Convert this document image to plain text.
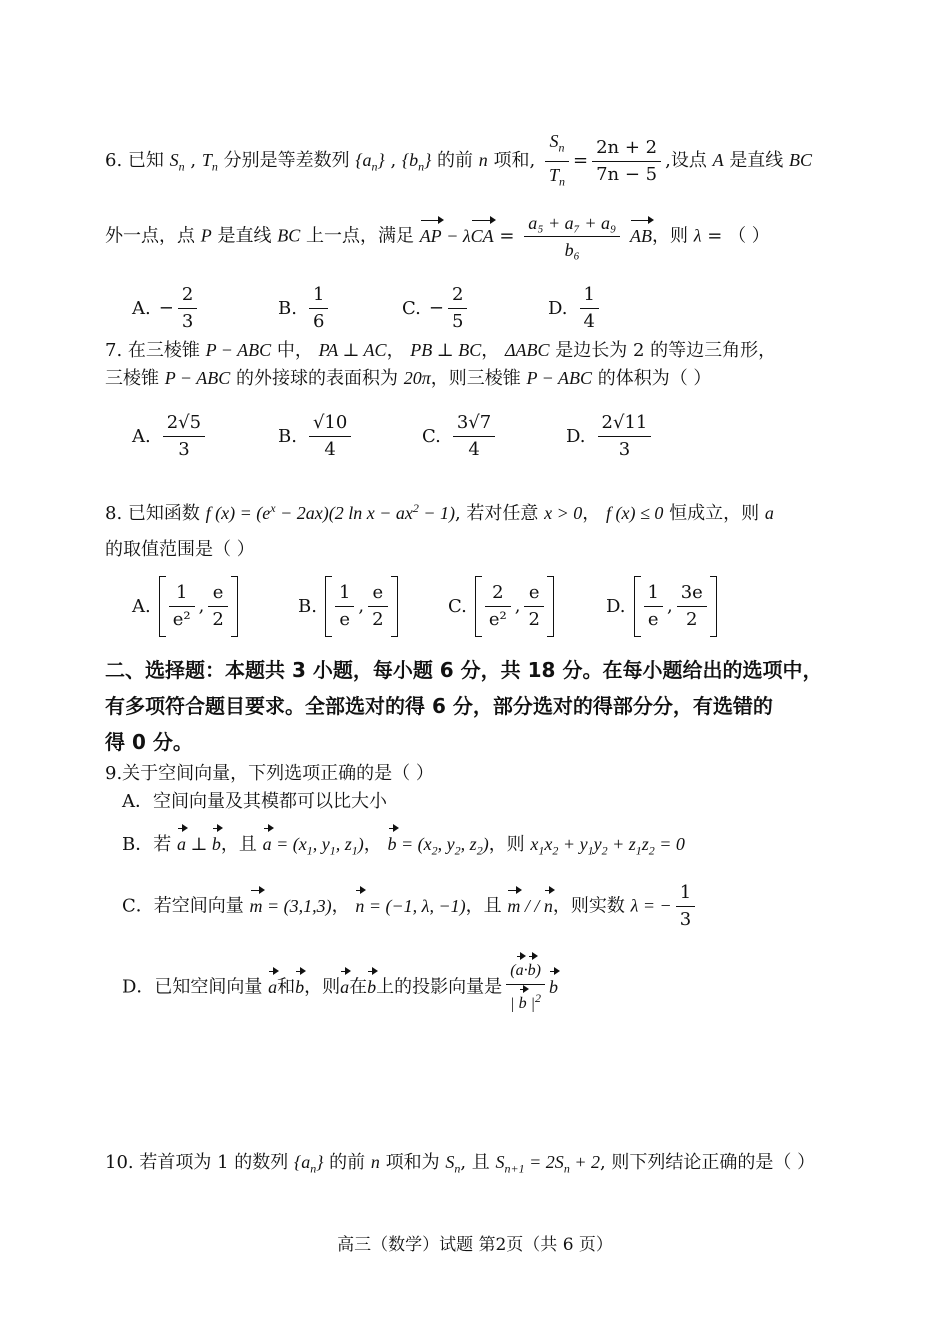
6. 已知 $S_n$ , $T_n$ 分别是等差数列 $\{a_n\}$ , $\{b_n\}$ 的前 n 项和, $\frac{S_n}{T_n} = \frac{2n + 2}{7n - 5}$ ,设点 A 是直线 BC
外一点，点 P 是直线 BC 上一点，满足 AP − $\lambda CA = \frac{\text{a₅ + a₇ + a₉}}{\text{b₆}}$ AB，则 λ = （ ）
A. − $\frac{2}{3}$	B. $\frac{1}{6}$	C. − $\frac{2}{5}$	D. $\frac{1}{4}$
7. 在三棱锥 P − ABC 中， PA ⊥ AC， PB ⊥ BC， ΔABC 是边长为 2 的等边三角形，
三棱锥 P − ABC 的外接球的表面积为 20π，则三棱锥 P − ABC 的体积为（ ）
A. $\frac{2√5}{3}$	B. $\frac{√10}{4}$	C. $\frac{3√7}{4}$	D. $\frac{2√11}{3}$
8. 已知函数 f $(x) = (e^x - 2ax)(2$ $\ln x - ax^2 - 1$), 若对任意 x > 0， f (x) ≤ 0 恒成立，则 a
的取值范围是（ ）
A. $\frac{1}{\text{e²}}$ , $\frac{e}{2}$	B. $\frac{1}{e}$ , $\frac{e}{2}$	C. $\frac{2}{\text{e²}}$ , $\frac{e}{2}$	D. $\frac{1}{e}$ , $\frac{3e}{2}$
二、选择题：本题共 3 小题，每小题 6 分，共 18 分。在每小题给出的选项中，
有多项符合题目要求。全部选对的得 6 分，部分选对的得部分分，有选错的
得 0 分。
9.关于空间向量，下列选项正确的是（ ）
A．空间向量及其模都可以比大小
B．若 a ⊥ b，且 $a = (x_1$, $y_1$, $z_1$)， $b = (x_2$, $y_2$, $z_2$)，则 $x_1x_2 + y_1y_2 + z_1z_2 = 0$
C．若空间向量 m = (3,1,3)， n = (−1, λ, −1)，且 m / / n，则实数 λ = − $\frac{1}{3}$
D．已知空间向量 a和b，则a在b上的投影向量是 $\frac{(a\cdot b)}{| b |^2}$ b
10. 若首项为 1 的数列 $\{a_n\}$ 的前 n 项和为 $S_n$, 且 $S_{n+1} = 2S_n + 2$, 则下列结论正确的是（ ）
高三（数学）试题 第2页（共 6 页）
